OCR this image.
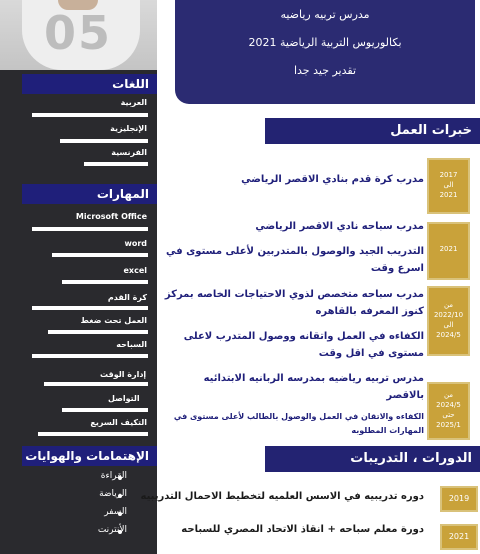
05
اللغات
العربية
الإنجليزية
الفرنسية
المهارات
Microsoft Office
word
excel
كرة القدم
العمل تحت ضغط
السباحه
إدارة الوقت
التواصل
التكيف السريع
الإهتمامات والهوايات
القراءة
الرياضة
السفر
الأنترنت
مدرس تربيه رياضيه
بكالوريوس التربية الرياضية 2021
تقدير جيد جدا
خبرات العمل
2017
الى
2021
مدرب كرة قدم بنادي الاقصر الرياضي
2021
مدرب سباحه نادي الاقصر الرياضي
التدريب الجيد والوصول بالمتدربين لأعلى مستوى في اسرع وقت
من
2022/10
الى
2024/5
مدرب سباحه متخصص لذوي الاحتياجات الخاصه بمركز كنوز المعرفه بالقاهره
الكفاءه في العمل واتقانه ووصول المتدرب لاعلى مستوى في اقل وقت
من
2024/5
حتى
2025/1
مدرس تربيه رياضيه بمدرسه الربانيه الابتدائيه بالاقصر
الكفاءه والاتقان في العمل والوصول بالطالب لأعلى مستوى في المهارات المطلوبه
الدورات ، التدريبات
2019
دوره تدريبيه في الاسس العلميه لتخطيط الاحمال التدريبيه
2021
دورة معلم سباحه + انقاذ الاتحاد المصري للسباحه
